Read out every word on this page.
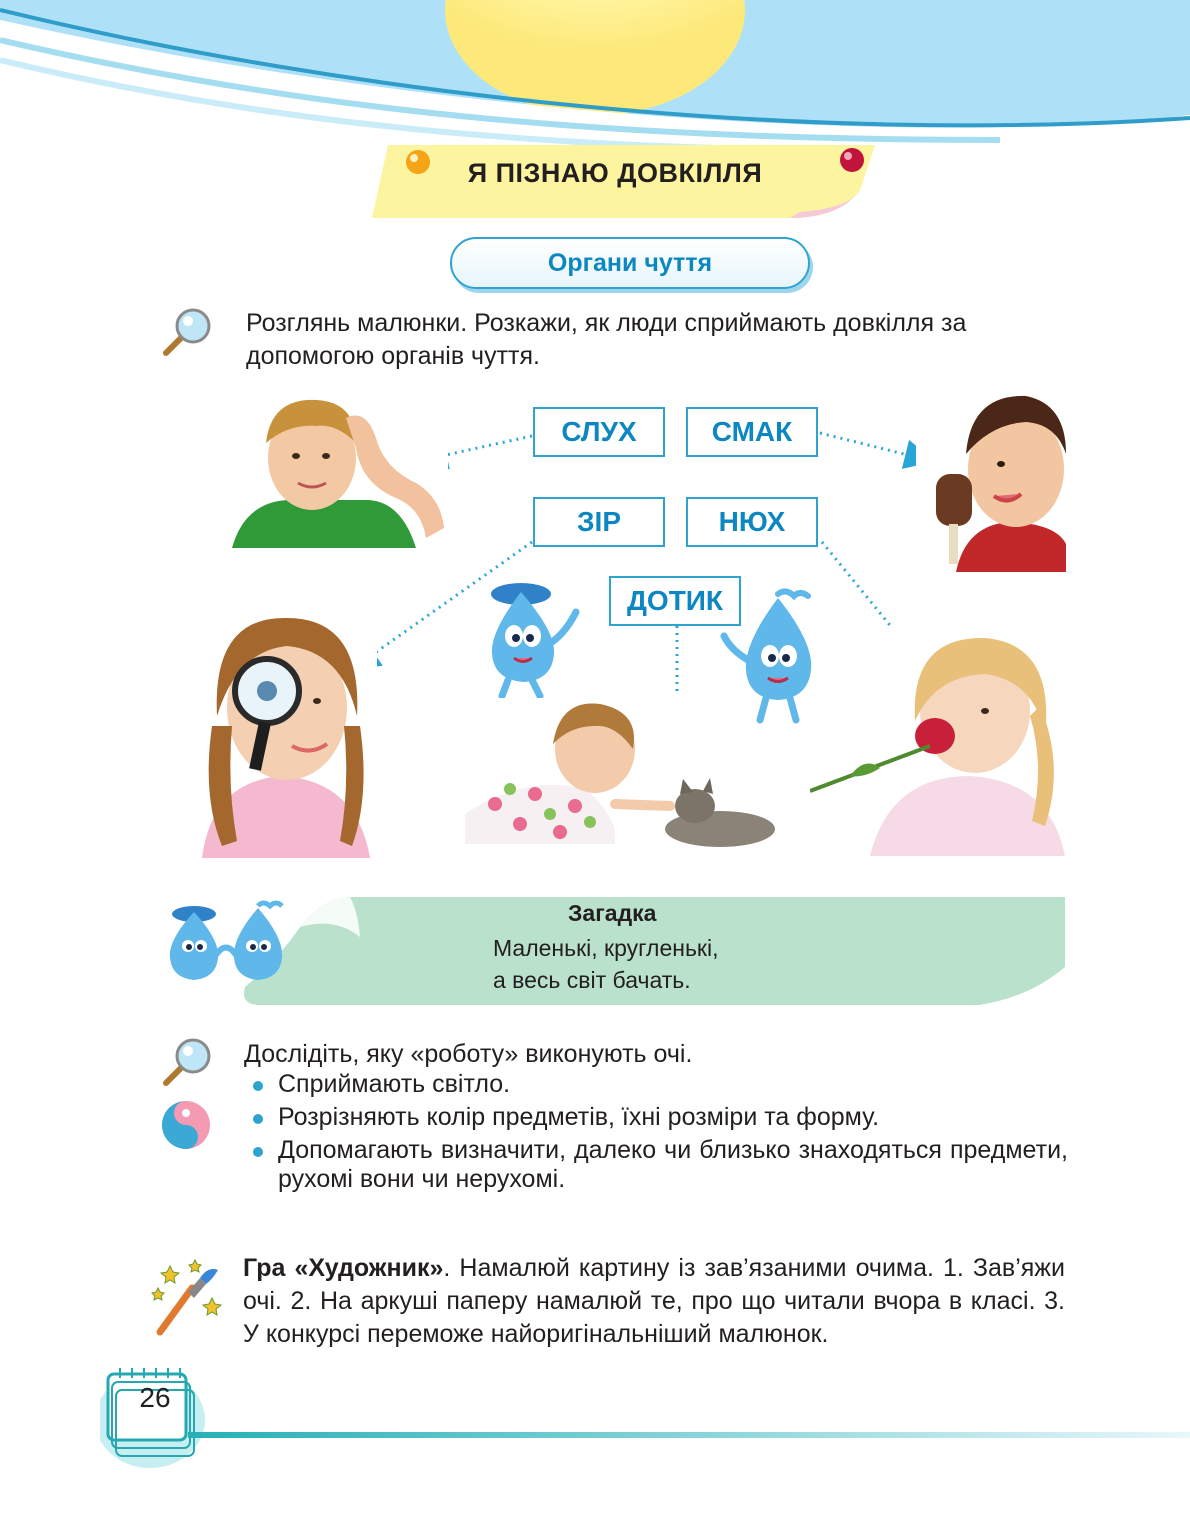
Я ПІЗНАЮ ДОВКІЛЛЯ
Органи чуття
Розглянь малюнки. Розкажи, як люди сприймають довкілля за допомогою органів чуття.
СЛУХ	СМАК
ЗІР	НЮХ
ДОТИК
Загадка
Маленькі, кругленькі,
а весь світ бачать.
Дослідіть, яку «роботу» виконують очі.
Сприймають світло.
Розрізняють колір предметів, їхні розміри та форму.
Допомагають визначити, далеко чи близько знаходяться предмети, рухомі вони чи нерухомі.
Гра «Художник». Намалюй картину із зав’язаними очима. 1. Зав’яжи очі. 2. На аркуші паперу намалюй те, про що читали вчора в класі. 3. У конкурсі переможе найоригінальніший малюнок.
26
